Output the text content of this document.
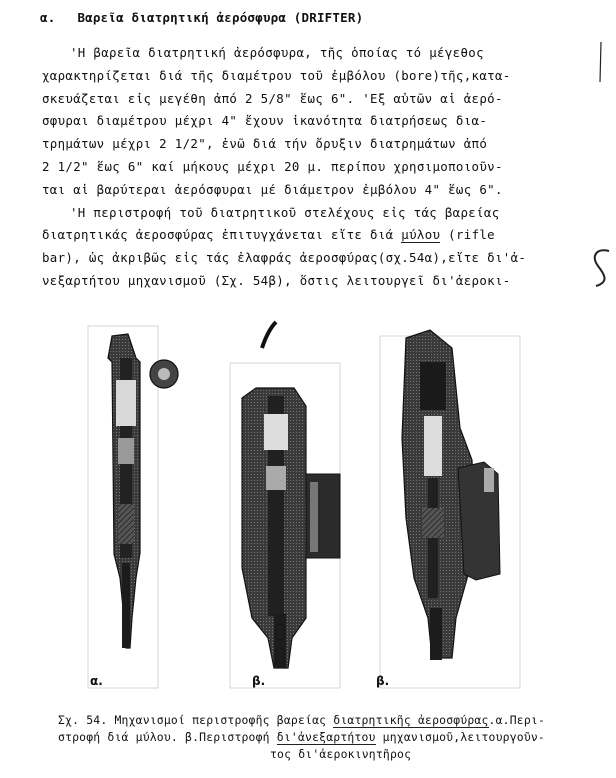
α. Βαρεῖα διατρητική ἀερόσφυρα (DRIFTER)
'Η βαρεῖα διατρητική ἀερόσφυρα, τῆς ὁποίας τό μέγεθος
χαρακτηρίζεται διά τῆς διαμέτρου τοῦ ἐμβόλου (bore)τῆς,κατα-
σκευάζεται εἰς μεγέθη ἀπό 2 5/8" ἕως 6". 'Εξ αὐτῶν αἱ ἀερό-
σφυραι διαμέτρου μέχρι 4" ἔχουν ἱκανότητα διατρήσεως δια-
τρημάτων μέχρι 2 1/2", ἐνῶ διά τήν ὄρυξιν διατρημάτων ἀπό
2 1/2" ἕως 6" καί μήκους μέχρι 20 μ. περίπου χρησιμοποιοῦν-
ται αἱ βαρύτεραι ἀερόσφυραι μέ διάμετρον ἐμβόλου 4" ἕως 6".
'Η περιστροφή τοῦ διατρητικοῦ στελέχους εἰς τάς βαρείας
διατρητικάς ἀεροσφύρας ἐπιτυγχάνεται εἴτε διά μύλου (rifle
bar), ὡς ἀκριβῶς εἰς τάς ἐλαφράς ἀεροσφύρας(σχ.54α),εἴτε δι'ἀ-
νεξαρτήτου μηχανισμοῦ (Σχ. 54β), ὅστις λειτουργεῖ δι'ἀεροκι-
α.	β.	β.
Σχ. 54. Μηχανισμοί περιστροφῆς βαρείας διατρητικῆς ἀεροσφύρας.α.Περι-
στροφή διά μύλου. β.Περιστροφή δι'ἀνεξαρτήτου μηχανισμοῦ,λειτουργοῦν-
τος δι'ἀεροκινητῆρος
